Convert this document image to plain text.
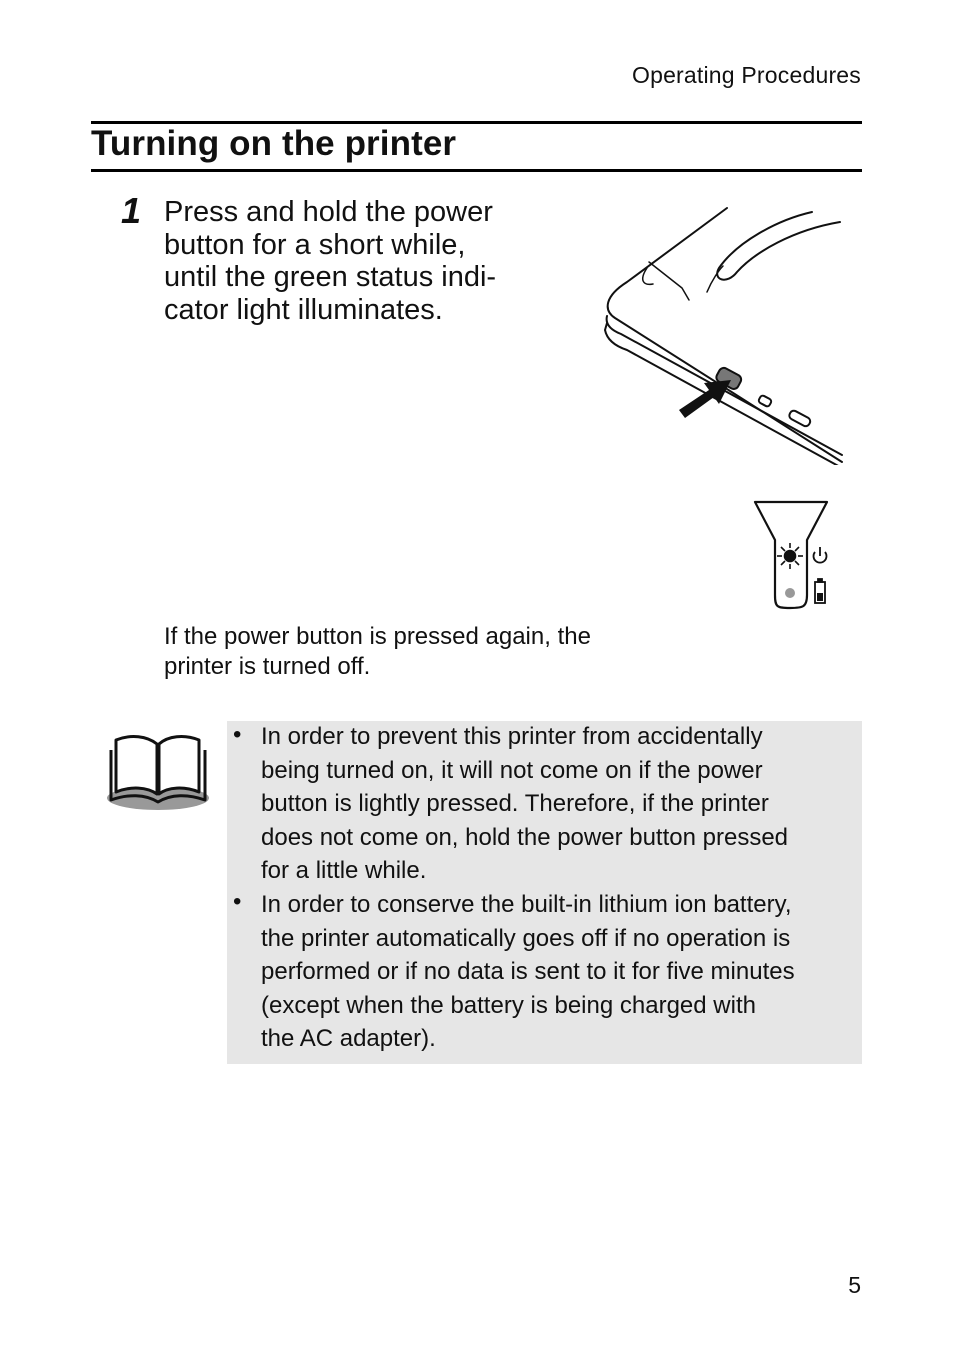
Operating Procedures
Turning on the printer
1 Press and hold the power
button for a short while,
until the green status indi-
cator light illuminates.
If the power button is pressed again, the
printer is turned off.
• In order to prevent this printer from accidentally
being turned on, it will not come on if the power
button is lightly pressed. Therefore, if the printer
does not come on, hold the power button pressed
for a little while.
• In order to conserve the built-in lithium ion battery,
the printer automatically goes off if no operation is
performed or if no data is sent to it for five minutes
(except when the battery is being charged with
the AC adapter).
5
